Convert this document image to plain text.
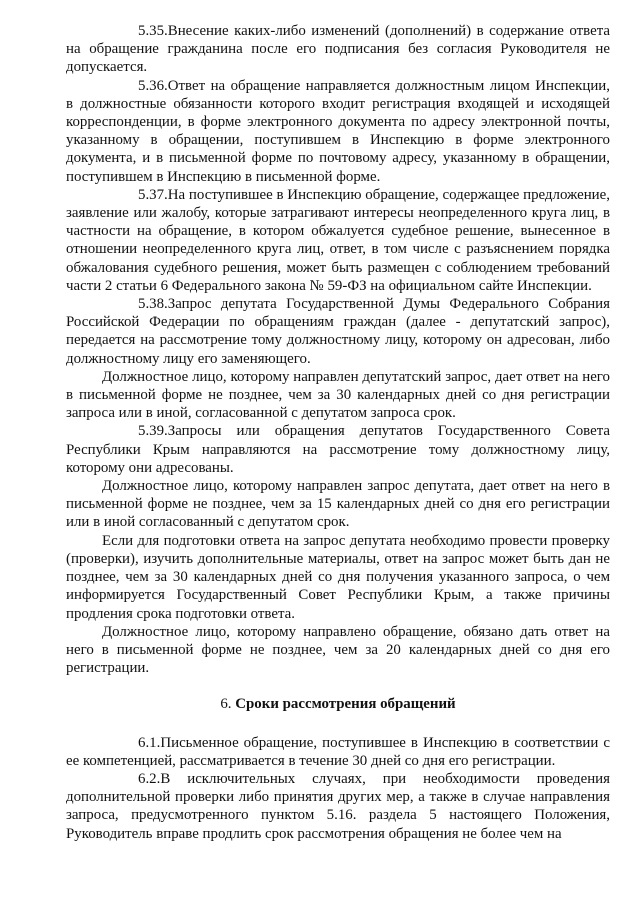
5.35.Внесение каких-либо изменений (дополнений) в содержание ответа на обращение гражданина после его подписания без согласия Руководителя не допускается.

5.36.Ответ на обращение направляется должностным лицом Инспекции, в должностные обязанности которого входит регистрация входящей и исходящей корреспонденции, в форме электронного документа по адресу электронной почты, указанному в обращении, поступившем в Инспекцию в форме электронного документа, и в письменной форме по почтовому адресу, указанному в обращении, поступившем в Инспекцию в письменной форме.

5.37.На поступившее в Инспекцию обращение, содержащее предложение, заявление или жалобу, которые затрагивают интересы неопределенного круга лиц, в частности на обращение, в котором обжалуется судебное решение, вынесенное в отношении неопределенного круга лиц, ответ, в том числе с разъяснением порядка обжалования судебного решения, может быть размещен с соблюдением требований части 2 статьи 6 Федерального закона № 59-ФЗ на официальном сайте Инспекции.

5.38.Запрос депутата Государственной Думы Федерального Собрания Российской Федерации по обращениям граждан (далее - депутатский запрос), передается на рассмотрение тому должностному лицу, которому он адресован, либо должностному лицу его заменяющего.

Должностное лицо, которому направлен депутатский запрос, дает ответ на него в письменной форме не позднее, чем за 30 календарных дней со дня регистрации запроса или в иной, согласованной с депутатом запроса срок.

5.39.Запросы или обращения депутатов Государственного Совета Республики Крым направляются на рассмотрение тому должностному лицу, которому они адресованы.

Должностное лицо, которому направлен запрос депутата, дает ответ на него в письменной форме не позднее, чем за 15 календарных дней со дня его регистрации или в иной согласованный с депутатом срок.

Если для подготовки ответа на запрос депутата необходимо провести проверку (проверки), изучить дополнительные материалы, ответ на запрос может быть дан не позднее, чем за 30 календарных дней со дня получения указанного запроса, о чем информируется Государственный Совет Республики Крым, а также причины продления срока подготовки ответа.

Должностное лицо, которому направлено обращение, обязано дать ответ на него в письменной форме не позднее, чем за 20 календарных дней со дня его регистрации.

6. Сроки рассмотрения обращений

6.1.Письменное обращение, поступившее в Инспекцию в соответствии с ее компетенцией, рассматривается в течение 30 дней со дня его регистрации.

6.2.В исключительных случаях, при необходимости проведения дополнительной проверки либо принятия других мер, а также в случае направления запроса, предусмотренного пунктом 5.16. раздела 5 настоящего Положения, Руководитель вправе продлить срок рассмотрения обращения не более чем на
